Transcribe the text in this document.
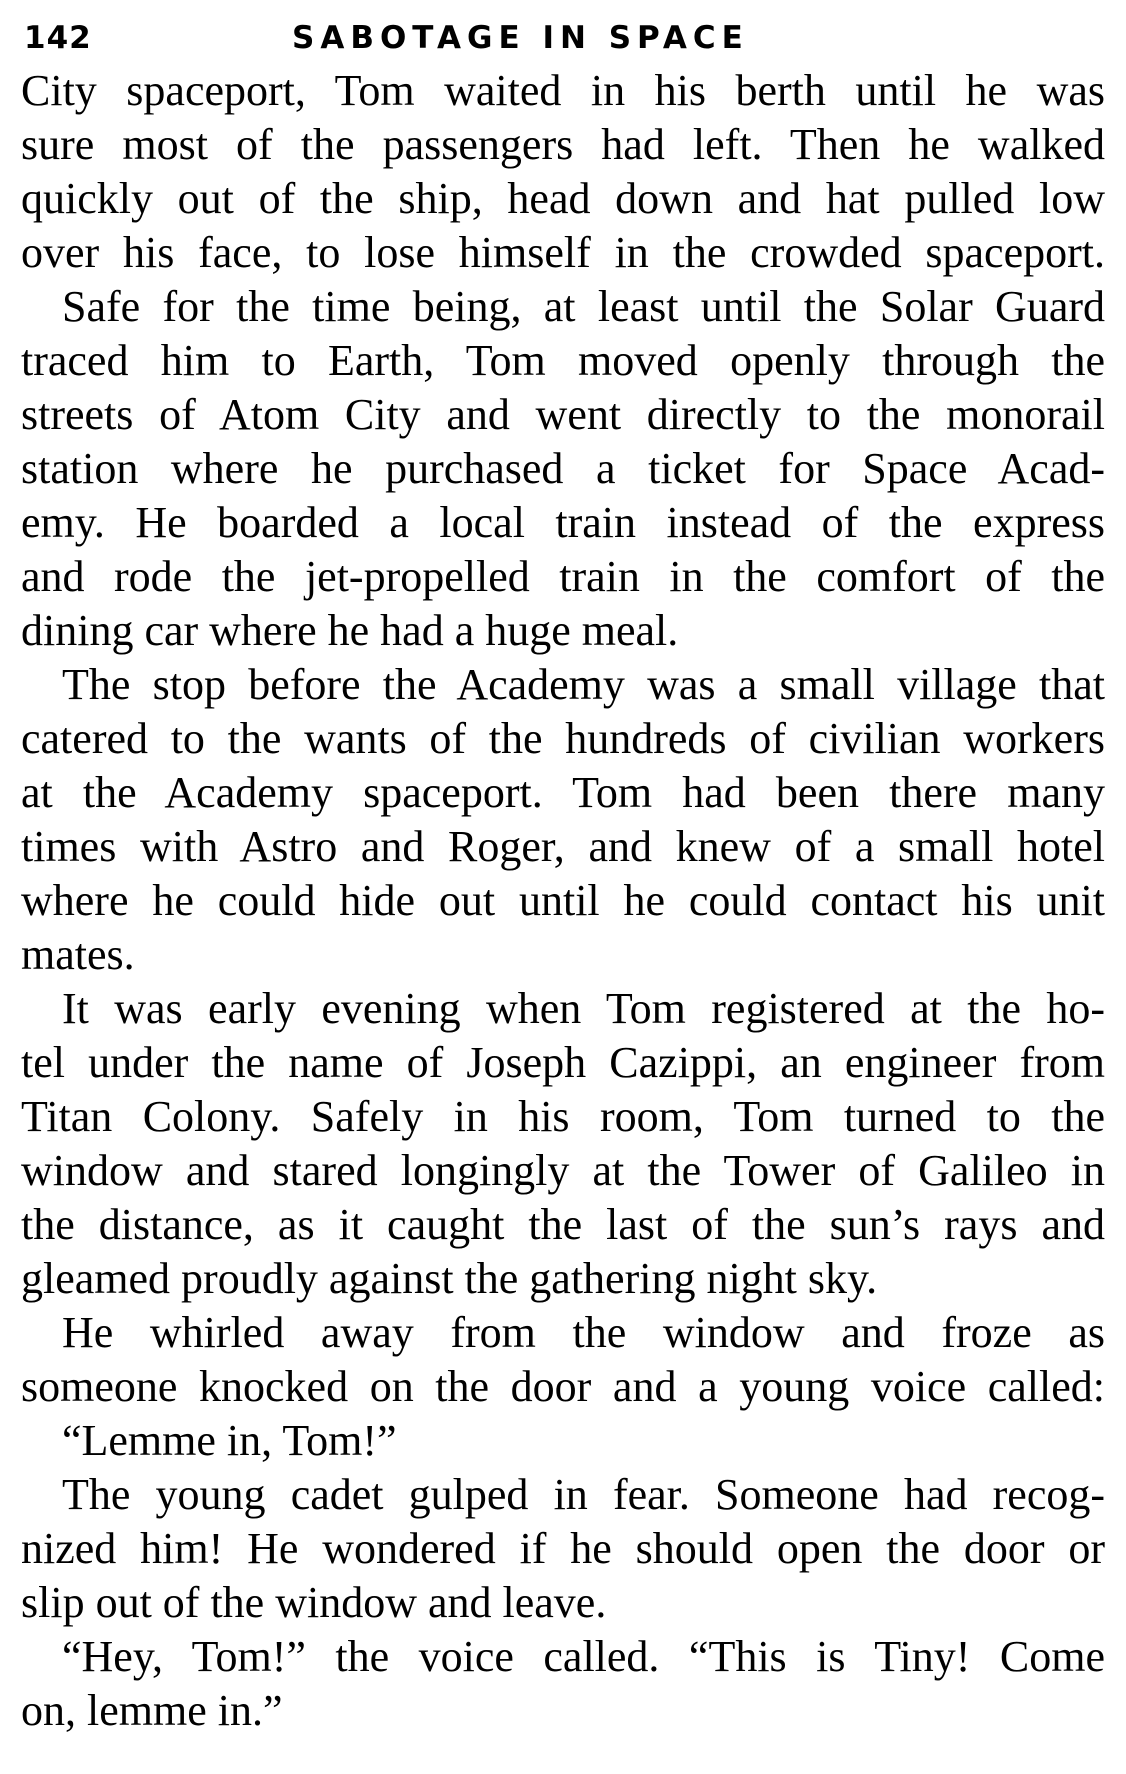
142	SABOTAGE IN SPACE

City spaceport, Tom waited in his berth until he was
sure most of the passengers had left. Then he walked
quickly out of the ship, head down and hat pulled low
over his face, to lose himself in the crowded spaceport.

Safe for the time being, at least until the Solar Guard
traced him to Earth, Tom moved openly through the
streets of Atom City and went directly to the monorail
station where he purchased a ticket for Space Acad-
emy. He boarded a local train instead of the express
and rode the jet-propelled train in the comfort of the
dining car where he had a huge meal.

The stop before the Academy was a small village that
catered to the wants of the hundreds of civilian workers
at the Academy spaceport. Tom had been there many
times with Astro and Roger, and knew of a small hotel
where he could hide out until he could contact his unit
mates.

It was early evening when Tom registered at the ho-
tel under the name of Joseph Cazippi, an engineer from
Titan Colony. Safely in his room, Tom turned to the
window and stared longingly at the Tower of Galileo in
the distance, as it caught the last of the sun’s rays and
gleamed proudly against the gathering night sky.

He whirled away from the window and froze as
someone knocked on the door and a young voice called:

“Lemme in, Tom!”

The young cadet gulped in fear. Someone had recog-
nized him! He wondered if he should open the door or
slip out of the window and leave.

“Hey, Tom!” the voice called. “This is Tiny! Come
on, lemme in.”
